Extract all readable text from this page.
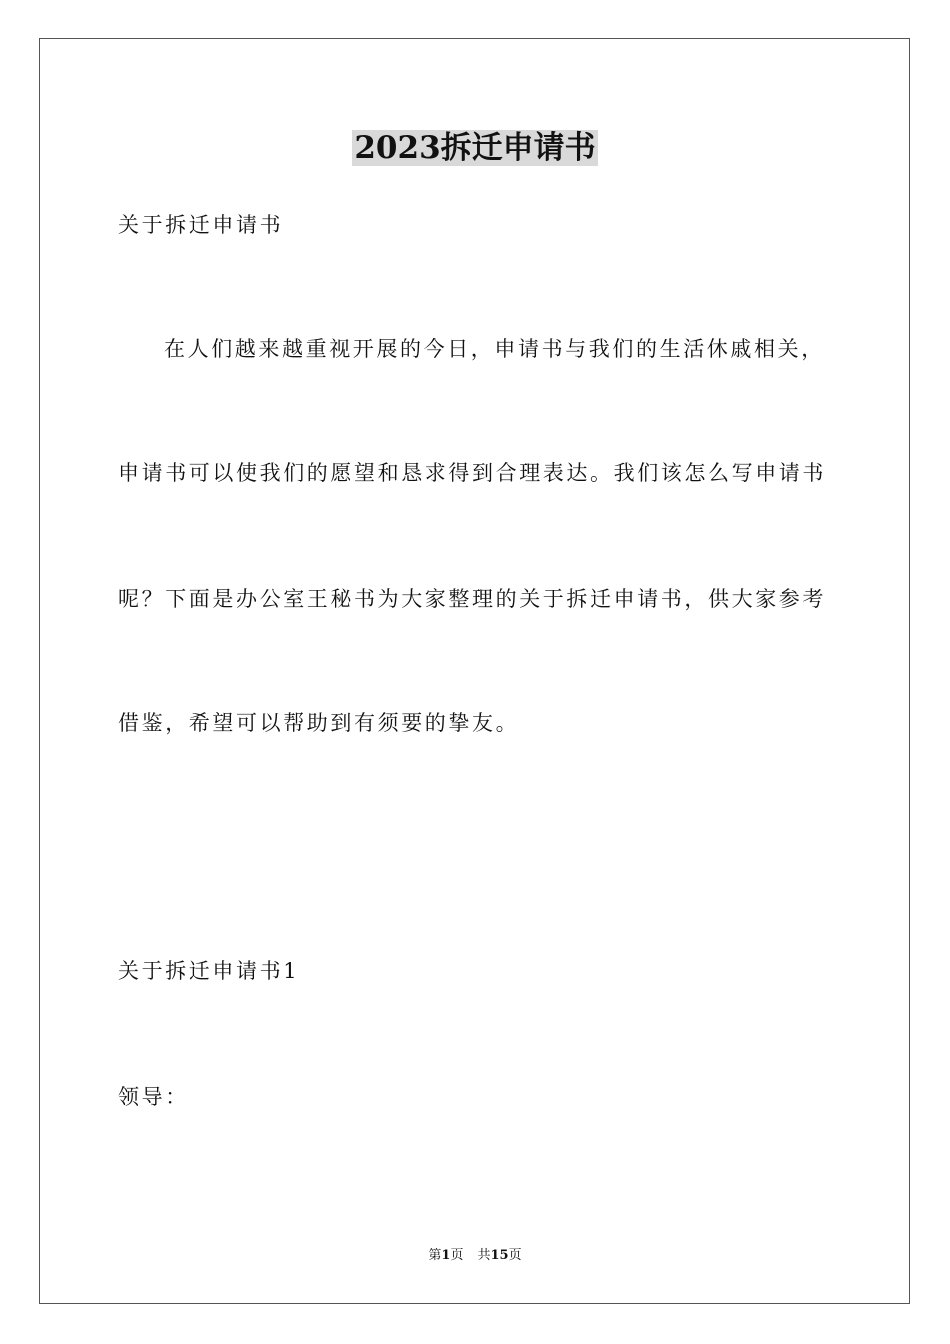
2023拆迁申请书

关于拆迁申请书

在人们越来越重视开展的今日，申请书与我们的生活休戚相关，

申请书可以使我们的愿望和恳求得到合理表达。我们该怎么写申请书

呢？下面是办公室王秘书为大家整理的关于拆迁申请书，供大家参考

借鉴，希望可以帮助到有须要的挚友。

关于拆迁申请书1

领导：

第1页 共15页
